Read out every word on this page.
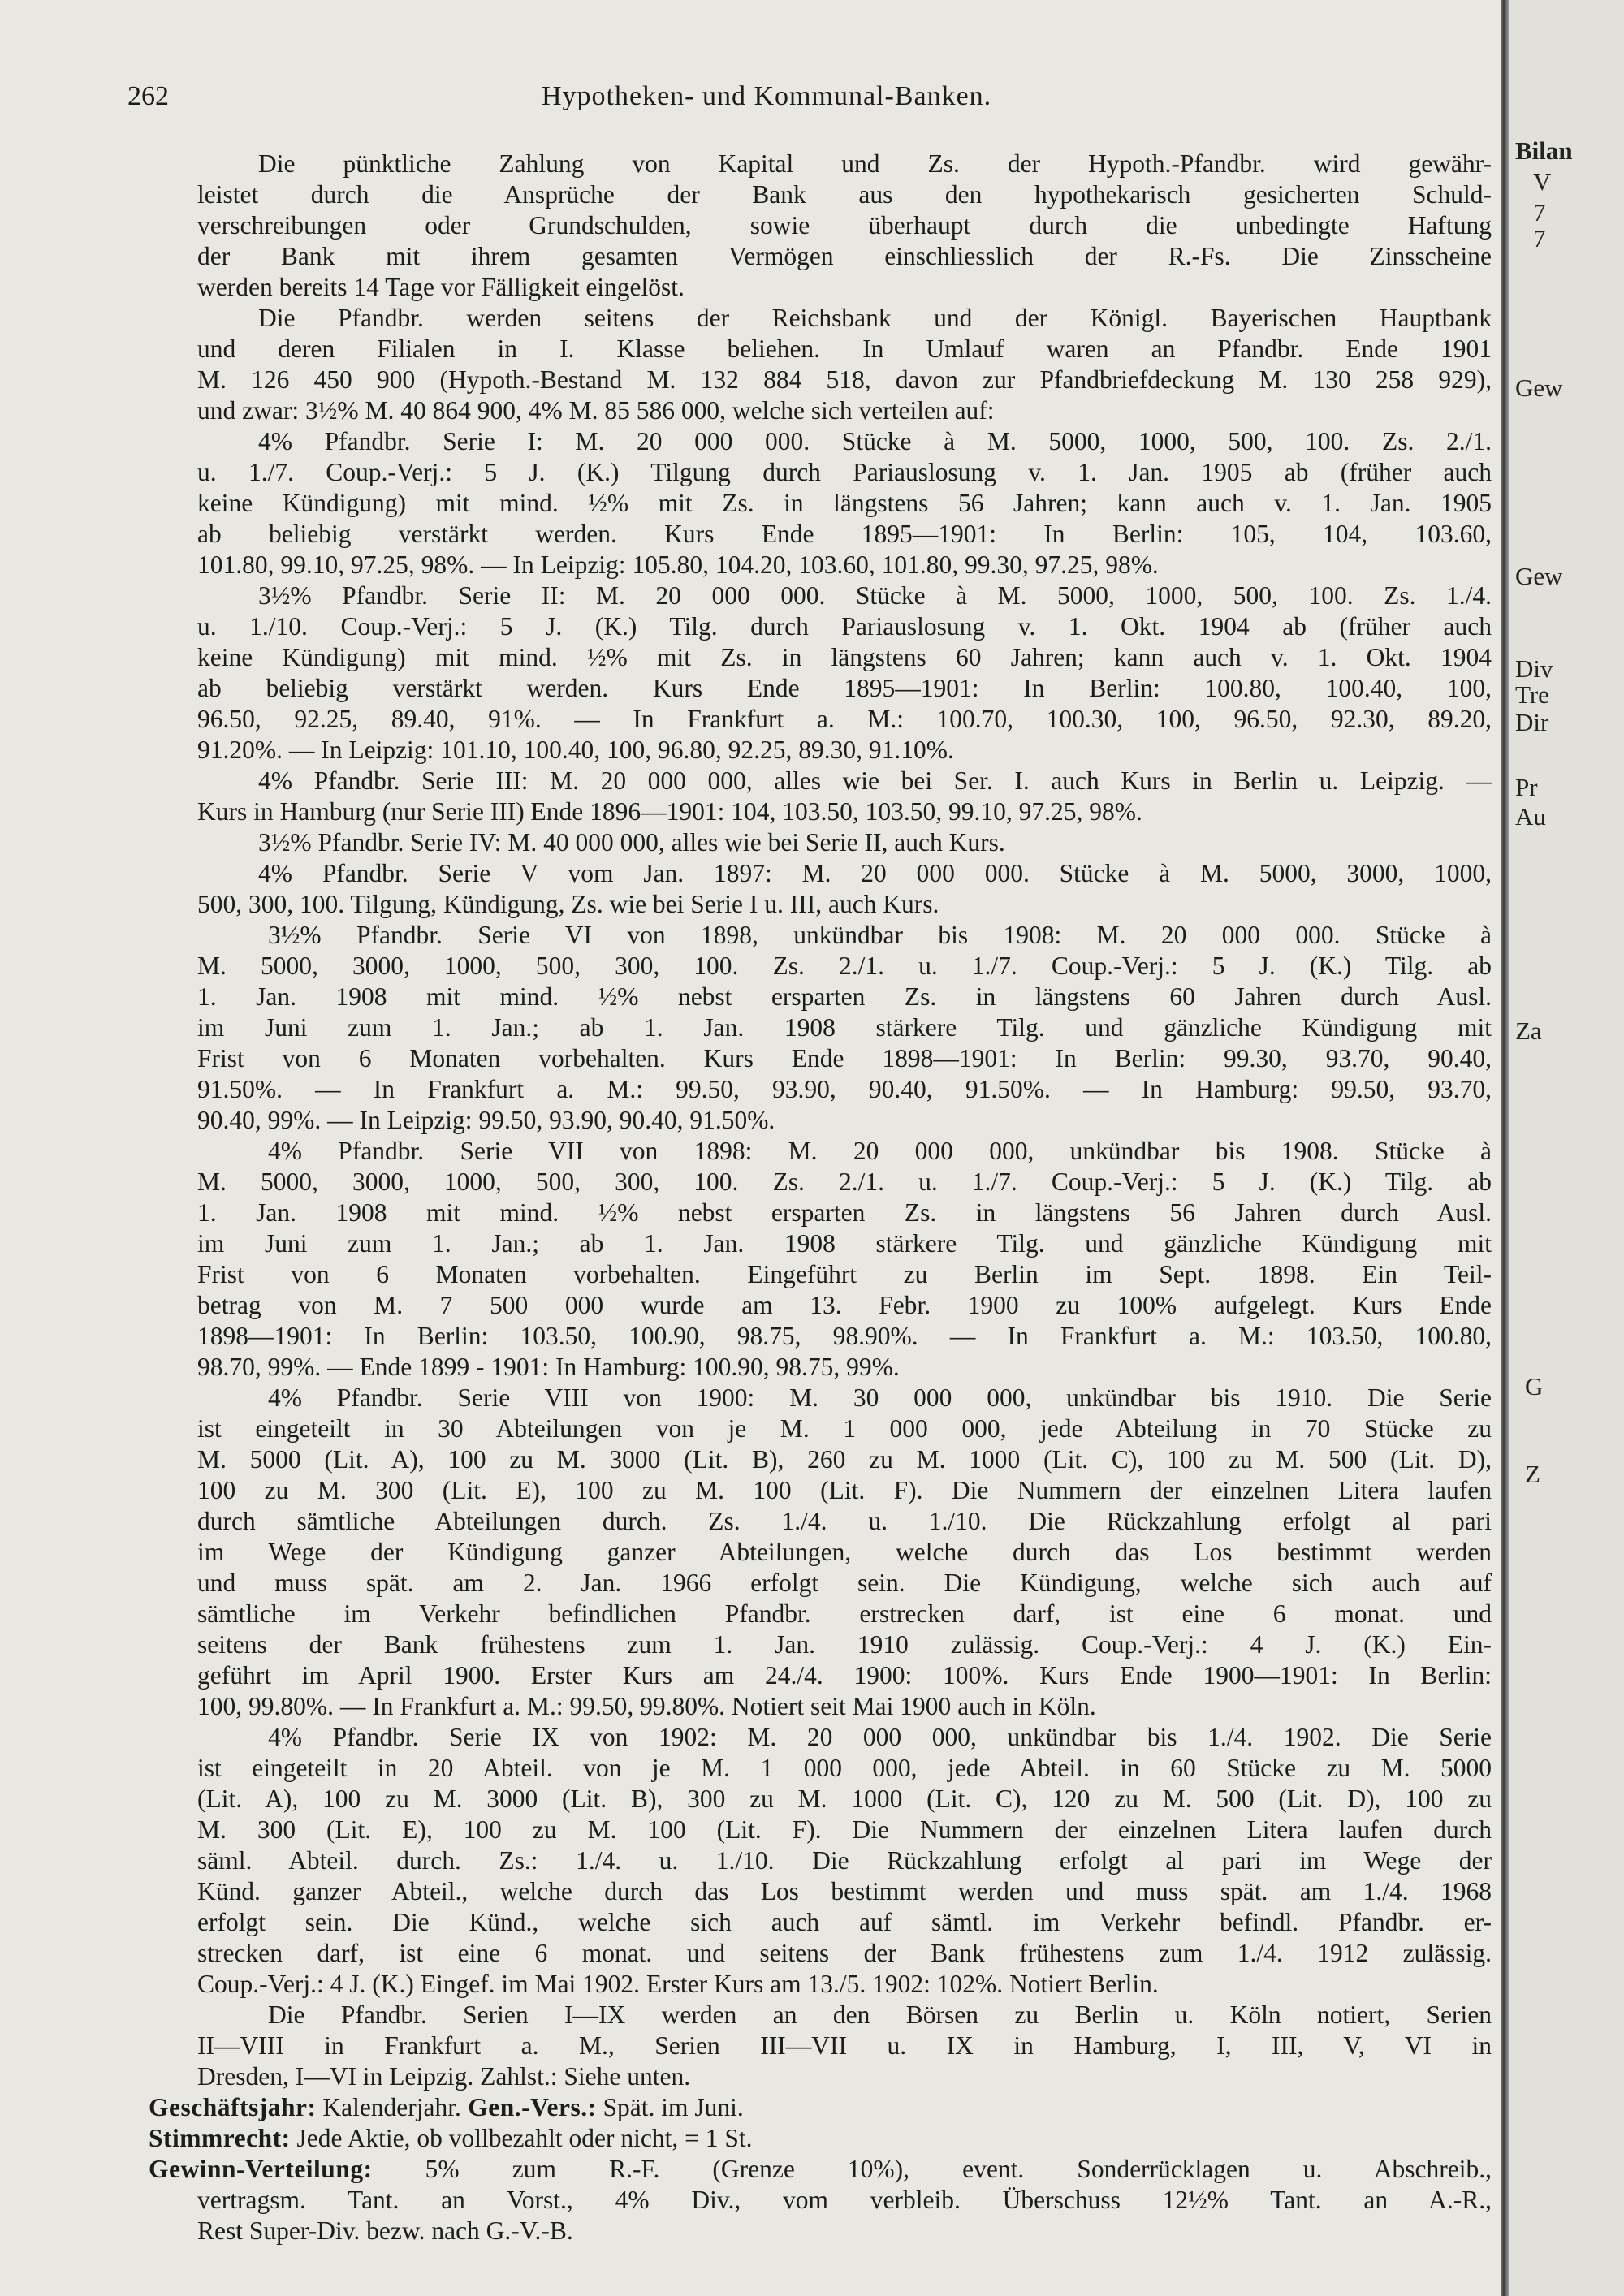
Bilan
V
7
7
Gew
Gew
Div
Tre
Dir
Pr
Au
Za
G
Z
262	Hypotheken- und Kommunal-Banken.
Die pünktliche Zahlung von Kapital und Zs. der Hypoth.-Pfandbr. wird gewähr-
leistet durch die Ansprüche der Bank aus den hypothekarisch gesicherten Schuld-
verschreibungen oder Grundschulden, sowie überhaupt durch die unbedingte Haftung
der Bank mit ihrem gesamten Vermögen einschliesslich der R.-Fs. Die Zinsscheine
werden bereits 14 Tage vor Fälligkeit eingelöst.
Die Pfandbr. werden seitens der Reichsbank und der Königl. Bayerischen Hauptbank
und deren Filialen in I. Klasse beliehen. In Umlauf waren an Pfandbr. Ende 1901
M. 126 450 900 (Hypoth.-Bestand M. 132 884 518, davon zur Pfandbriefdeckung M. 130 258 929),
und zwar: 3½% M. 40 864 900, 4% M. 85 586 000, welche sich verteilen auf:
4% Pfandbr. Serie I: M. 20 000 000. Stücke à M. 5000, 1000, 500, 100. Zs. 2./1.
u. 1./7. Coup.-Verj.: 5 J. (K.) Tilgung durch Pariauslosung v. 1. Jan. 1905 ab (früher auch
keine Kündigung) mit mind. ½% mit Zs. in längstens 56 Jahren; kann auch v. 1. Jan. 1905
ab beliebig verstärkt werden. Kurs Ende 1895—1901: In Berlin: 105, 104, 103.60,
101.80, 99.10, 97.25, 98%. — In Leipzig: 105.80, 104.20, 103.60, 101.80, 99.30, 97.25, 98%.
3½% Pfandbr. Serie II: M. 20 000 000. Stücke à M. 5000, 1000, 500, 100. Zs. 1./4.
u. 1./10. Coup.-Verj.: 5 J. (K.) Tilg. durch Pariauslosung v. 1. Okt. 1904 ab (früher auch
keine Kündigung) mit mind. ½% mit Zs. in längstens 60 Jahren; kann auch v. 1. Okt. 1904
ab beliebig verstärkt werden. Kurs Ende 1895—1901: In Berlin: 100.80, 100.40, 100,
96.50, 92.25, 89.40, 91%. — In Frankfurt a. M.: 100.70, 100.30, 100, 96.50, 92.30, 89.20,
91.20%. — In Leipzig: 101.10, 100.40, 100, 96.80, 92.25, 89.30, 91.10%.
4% Pfandbr. Serie III: M. 20 000 000, alles wie bei Ser. I. auch Kurs in Berlin u. Leipzig. —
Kurs in Hamburg (nur Serie III) Ende 1896—1901: 104, 103.50, 103.50, 99.10, 97.25, 98%.
3½% Pfandbr. Serie IV: M. 40 000 000, alles wie bei Serie II, auch Kurs.
4% Pfandbr. Serie V vom Jan. 1897: M. 20 000 000. Stücke à M. 5000, 3000, 1000,
500, 300, 100. Tilgung, Kündigung, Zs. wie bei Serie I u. III, auch Kurs.
3½% Pfandbr. Serie VI von 1898, unkündbar bis 1908: M. 20 000 000. Stücke à
M. 5000, 3000, 1000, 500, 300, 100. Zs. 2./1. u. 1./7. Coup.-Verj.: 5 J. (K.) Tilg. ab
1. Jan. 1908 mit mind. ½% nebst ersparten Zs. in längstens 60 Jahren durch Ausl.
im Juni zum 1. Jan.; ab 1. Jan. 1908 stärkere Tilg. und gänzliche Kündigung mit
Frist von 6 Monaten vorbehalten. Kurs Ende 1898—1901: In Berlin: 99.30, 93.70, 90.40,
91.50%. — In Frankfurt a. M.: 99.50, 93.90, 90.40, 91.50%. — In Hamburg: 99.50, 93.70,
90.40, 99%. — In Leipzig: 99.50, 93.90, 90.40, 91.50%.
4% Pfandbr. Serie VII von 1898: M. 20 000 000, unkündbar bis 1908. Stücke à
M. 5000, 3000, 1000, 500, 300, 100. Zs. 2./1. u. 1./7. Coup.-Verj.: 5 J. (K.) Tilg. ab
1. Jan. 1908 mit mind. ½% nebst ersparten Zs. in längstens 56 Jahren durch Ausl.
im Juni zum 1. Jan.; ab 1. Jan. 1908 stärkere Tilg. und gänzliche Kündigung mit
Frist von 6 Monaten vorbehalten. Eingeführt zu Berlin im Sept. 1898. Ein Teil-
betrag von M. 7 500 000 wurde am 13. Febr. 1900 zu 100% aufgelegt. Kurs Ende
1898—1901: In Berlin: 103.50, 100.90, 98.75, 98.90%. — In Frankfurt a. M.: 103.50, 100.80,
98.70, 99%. — Ende 1899 - 1901: In Hamburg: 100.90, 98.75, 99%.
4% Pfandbr. Serie VIII von 1900: M. 30 000 000, unkündbar bis 1910. Die Serie
ist eingeteilt in 30 Abteilungen von je M. 1 000 000, jede Abteilung in 70 Stücke zu
M. 5000 (Lit. A), 100 zu M. 3000 (Lit. B), 260 zu M. 1000 (Lit. C), 100 zu M. 500 (Lit. D),
100 zu M. 300 (Lit. E), 100 zu M. 100 (Lit. F). Die Nummern der einzelnen Litera laufen
durch sämtliche Abteilungen durch. Zs. 1./4. u. 1./10. Die Rückzahlung erfolgt al pari
im Wege der Kündigung ganzer Abteilungen, welche durch das Los bestimmt werden
und muss spät. am 2. Jan. 1966 erfolgt sein. Die Kündigung, welche sich auch auf
sämtliche im Verkehr befindlichen Pfandbr. erstrecken darf, ist eine 6 monat. und
seitens der Bank frühestens zum 1. Jan. 1910 zulässig. Coup.-Verj.: 4 J. (K.) Ein-
geführt im April 1900. Erster Kurs am 24./4. 1900: 100%. Kurs Ende 1900—1901: In Berlin:
100, 99.80%. — In Frankfurt a. M.: 99.50, 99.80%. Notiert seit Mai 1900 auch in Köln.
4% Pfandbr. Serie IX von 1902: M. 20 000 000, unkündbar bis 1./4. 1902. Die Serie
ist eingeteilt in 20 Abteil. von je M. 1 000 000, jede Abteil. in 60 Stücke zu M. 5000
(Lit. A), 100 zu M. 3000 (Lit. B), 300 zu M. 1000 (Lit. C), 120 zu M. 500 (Lit. D), 100 zu
M. 300 (Lit. E), 100 zu M. 100 (Lit. F). Die Nummern der einzelnen Litera laufen durch
säml. Abteil. durch. Zs.: 1./4. u. 1./10. Die Rückzahlung erfolgt al pari im Wege der
Künd. ganzer Abteil., welche durch das Los bestimmt werden und muss spät. am 1./4. 1968
erfolgt sein. Die Künd., welche sich auch auf sämtl. im Verkehr befindl. Pfandbr. er-
strecken darf, ist eine 6 monat. und seitens der Bank frühestens zum 1./4. 1912 zulässig.
Coup.-Verj.: 4 J. (K.) Eingef. im Mai 1902. Erster Kurs am 13./5. 1902: 102%. Notiert Berlin.
Die Pfandbr. Serien I—IX werden an den Börsen zu Berlin u. Köln notiert, Serien
II—VIII in Frankfurt a. M., Serien III—VII u. IX in Hamburg, I, III, V, VI in
Dresden, I—VI in Leipzig. Zahlst.: Siehe unten.
Geschäftsjahr: Kalenderjahr. Gen.-Vers.: Spät. im Juni.
Stimmrecht: Jede Aktie, ob vollbezahlt oder nicht, = 1 St.
Gewinn-Verteilung: 5% zum R.-F. (Grenze 10%), event. Sonderrücklagen u. Abschreib.,
vertragsm. Tant. an Vorst., 4% Div., vom verbleib. Überschuss 12½% Tant. an A.-R.,
Rest Super-Div. bezw. nach G.-V.-B.
